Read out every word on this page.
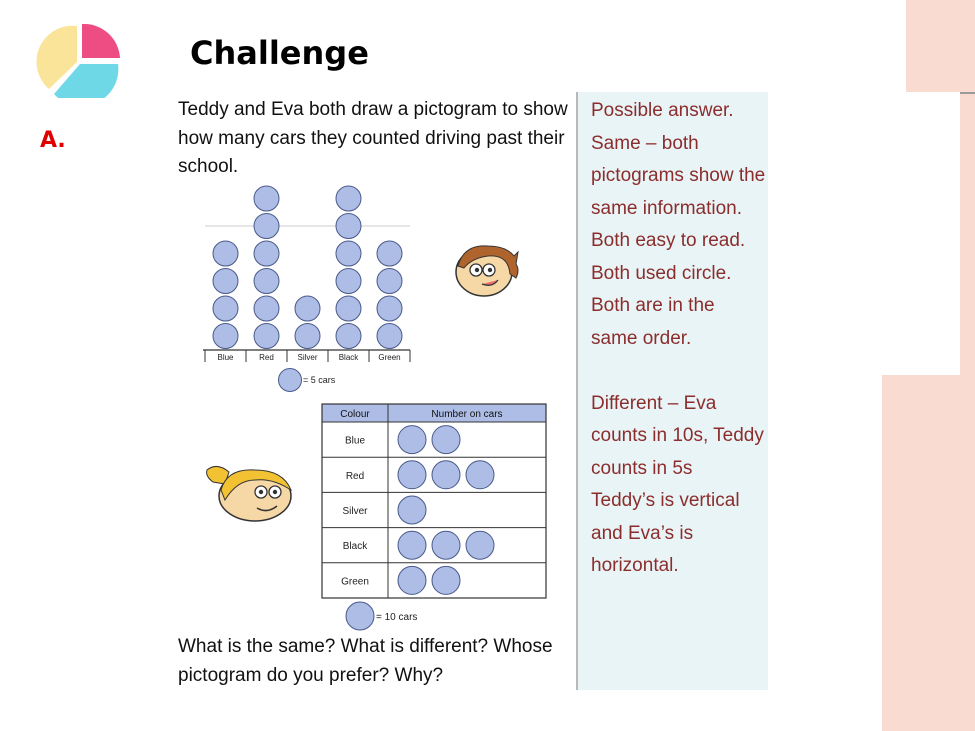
Challenge
A.
Teddy and Eva both draw a pictogram to show how many cars they counted driving past their school.
Blue	Red	Silver	Black	Green
= 5 cars
Colour	Number on cars
Blue
Red
Silver
Black
Green
= 10 cars
What is the same? What is different? Whose pictogram do you prefer? Why?

Possible answer.
Same – both pictograms show the same information. Both easy to read.
Both used circle.
Both are in the same order.

Different – Eva counts in 10s, Teddy counts in 5s
Teddy’s is vertical and Eva’s is horizontal.
